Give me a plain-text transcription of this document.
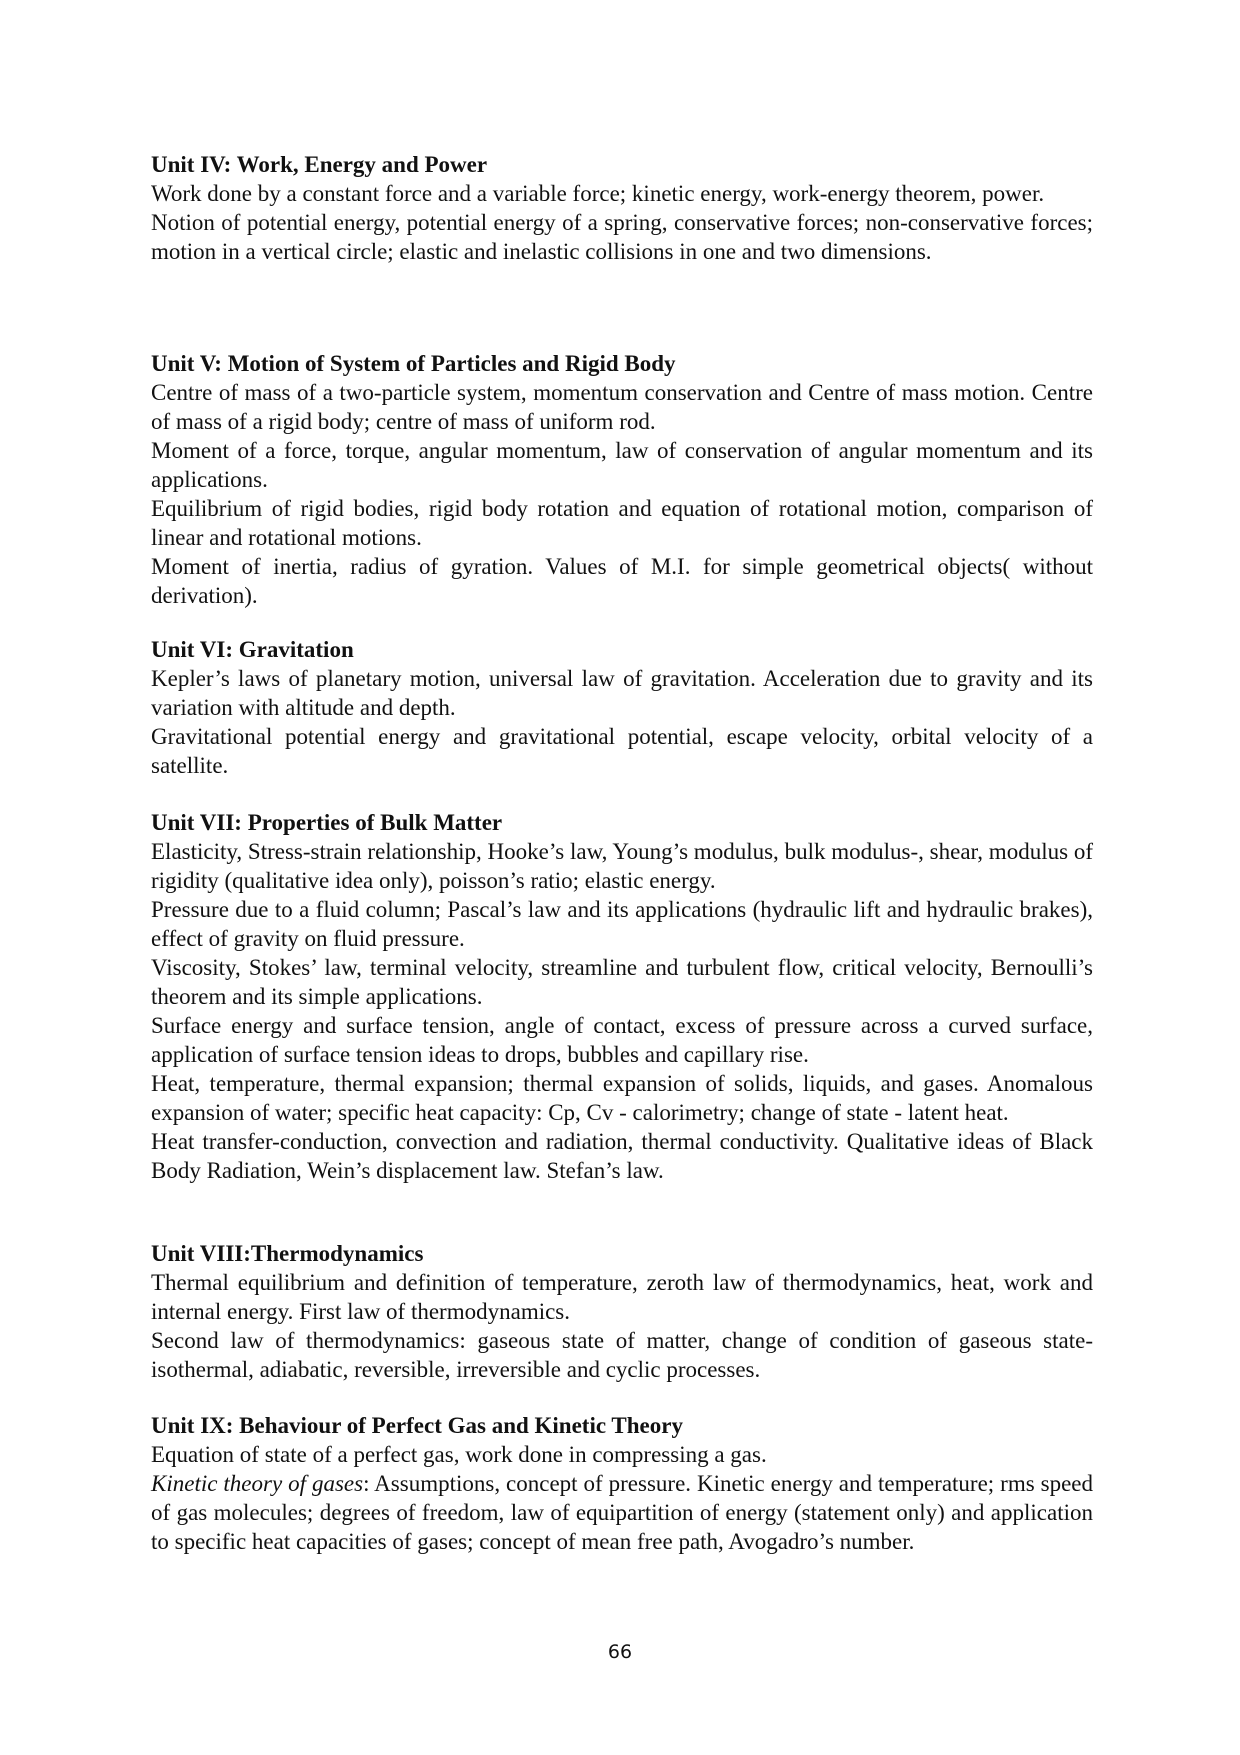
Unit IV: Work, Energy and Power

Work done by a constant force and a variable force; kinetic energy, work-energy theorem, power.

Notion of potential energy, potential energy of a spring, conservative forces; non-conservative forces; motion in a vertical circle; elastic and inelastic collisions in one and two dimensions.

Unit V: Motion of System of Particles and Rigid Body

Centre of mass of a two-particle system, momentum conservation and Centre of mass motion. Centre of mass of a rigid body; centre of mass of uniform rod.

Moment of a force, torque, angular momentum, law of conservation of angular momentum and its applications.

Equilibrium of rigid bodies, rigid body rotation and equation of rotational motion, comparison of linear and rotational motions.

Moment of inertia, radius of gyration. Values of M.I. for simple geometrical objects( without derivation).

Unit VI: Gravitation

Kepler’s laws of planetary motion, universal law of gravitation. Acceleration due to gravity and its variation with altitude and depth.

Gravitational potential energy and gravitational potential, escape velocity, orbital velocity of a satellite.

Unit VII: Properties of Bulk Matter

Elasticity, Stress-strain relationship, Hooke’s law, Young’s modulus, bulk modulus-, shear, modulus of rigidity (qualitative idea only), poisson’s ratio; elastic energy.

Pressure due to a fluid column; Pascal’s law and its applications (hydraulic lift and hydraulic brakes), effect of gravity on fluid pressure.

Viscosity, Stokes’ law, terminal velocity, streamline and turbulent flow, critical velocity, Bernoulli’s theorem and its simple applications.

Surface energy and surface tension, angle of contact, excess of pressure across a curved surface, application of surface tension ideas to drops, bubbles and capillary rise.

Heat, temperature, thermal expansion; thermal expansion of solids, liquids, and gases. Anomalous expansion of water; specific heat capacity: Cp, Cv - calorimetry; change of state - latent heat.

Heat transfer-conduction, convection and radiation, thermal conductivity. Qualitative ideas of Black Body Radiation, Wein’s displacement law. Stefan’s law.

Unit VIII:Thermodynamics

Thermal equilibrium and definition of temperature, zeroth law of thermodynamics, heat, work and internal energy. First law of thermodynamics.

Second law of thermodynamics: gaseous state of matter, change of condition of gaseous state- isothermal, adiabatic, reversible, irreversible and cyclic processes.

Unit IX: Behaviour of Perfect Gas and Kinetic Theory

Equation of state of a perfect gas, work done in compressing a gas.

Kinetic theory of gases: Assumptions, concept of pressure. Kinetic energy and temperature; rms speed of gas molecules; degrees of freedom, law of equipartition of energy (statement only) and application to specific heat capacities of gases; concept of mean free path, Avogadro’s number.

66
